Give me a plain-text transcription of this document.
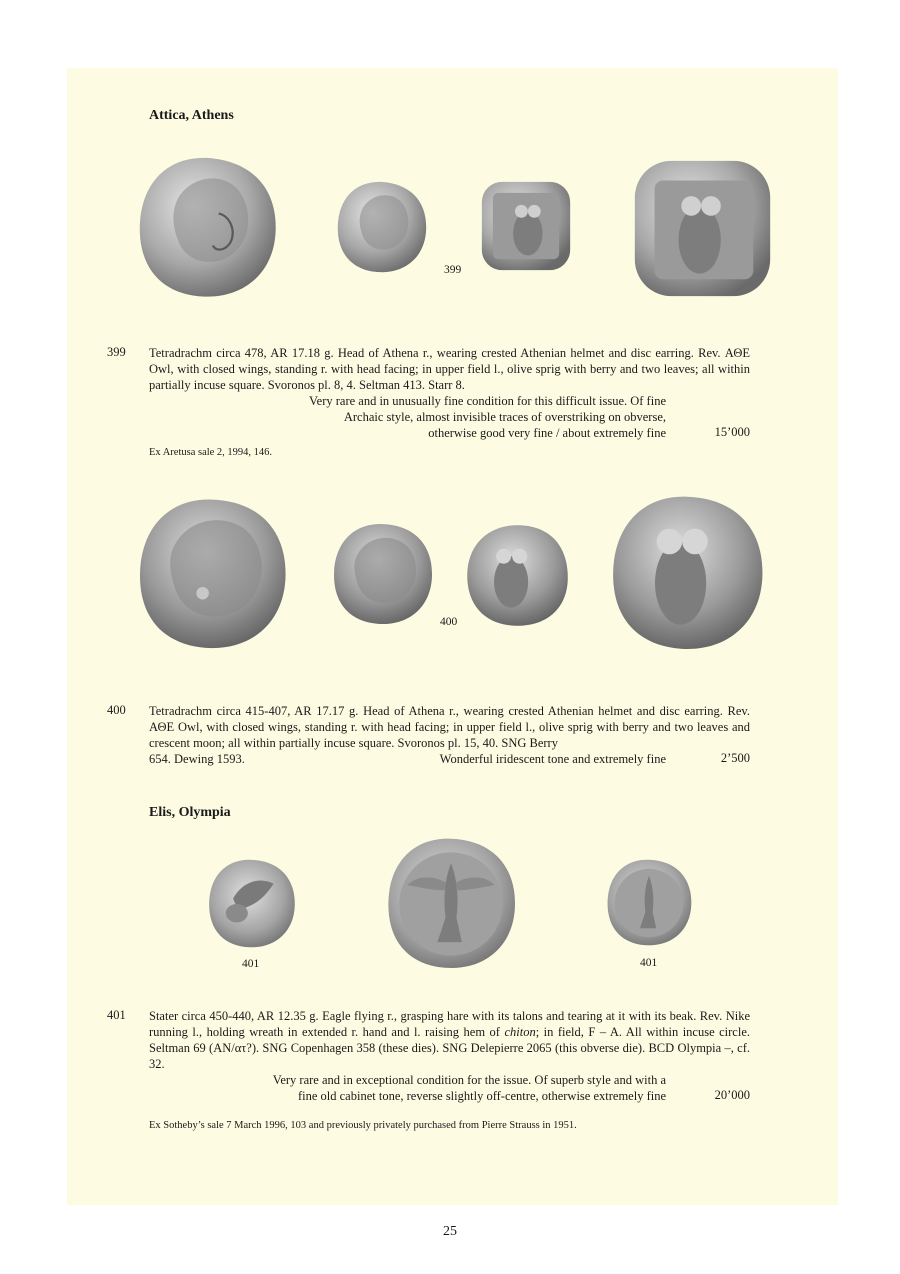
Attica, Athens
399
399 Tetradrachm circa 478, AR 17.18 g. Head of Athena r., wearing crested Athenian helmet and disc earring. Rev. ΑΘΕ Owl, with closed wings, standing r. with head facing; in upper field l., olive sprig with berry and two leaves; all within partially incuse square. Svoronos pl. 8, 4. Seltman 413. Starr 8.
Very rare and in unusually fine condition for this difficult issue. Of fine
Archaic style, almost invisible traces of overstriking on obverse,
otherwise good very fine / about extremely fine	15’000
Ex Aretusa sale 2, 1994, 146.
400
400 Tetradrachm circa 415-407, AR 17.17 g. Head of Athena r., wearing crested Athenian helmet and disc earring. Rev. ΑΘΕ Owl, with closed wings, standing r. with head facing; in upper field l., olive sprig with berry and two leaves and crescent moon; all within partially incuse square. Svoronos pl. 15, 40. SNG Berry

654. Dewing 1593.	Wonderful iridescent tone and extremely fine	2’500
Elis, Olympia
401	401
401 Stater circa 450-440, AR 12.35 g. Eagle flying r., grasping hare with its talons and tearing at it with its beak. Rev. Nike running l., holding wreath in extended r. hand and l. raising hem of chiton; in field, F – A. All within incuse circle. Seltman 69 (AN/ατ?). SNG Copenhagen 358 (these dies). SNG Delepierre 2065 (this obverse die). BCD Olympia –, cf. 32.
Very rare and in exceptional condition for the issue. Of superb style and with a
fine old cabinet tone, reverse slightly off-centre, otherwise extremely fine	20’000
Ex Sotheby’s sale 7 March 1996, 103 and previously privately purchased from Pierre Strauss in 1951.
25
